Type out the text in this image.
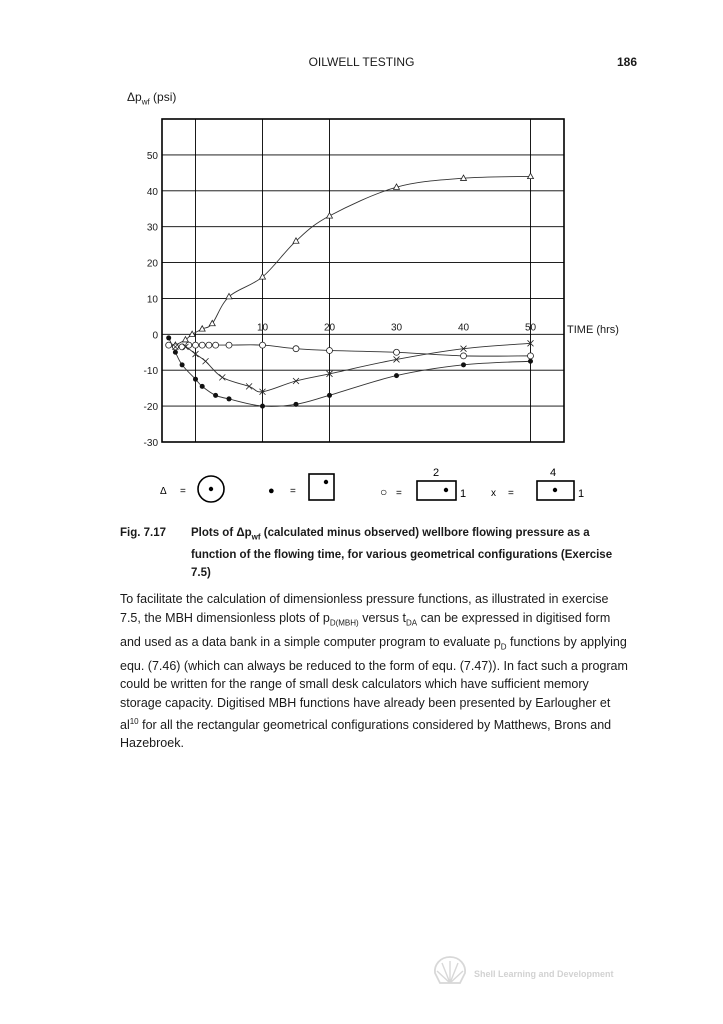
OILWELL TESTING	186
$\Delta p_{wf}$ (psi)
50
40
30
20
10
0
-10
-20
-30
10	20	30	40	50	TIME (hrs)
Δ =	● =	○ =
2
1 x =
4
1
Fig. 7.17 Plots of $\Delta p_{wf}$ (calculated minus observed) wellbore flowing pressure as a function of the flowing time, for various geometrical configurations (Exercise 7.5)
To facilitate the calculation of dimensionless pressure functions, as illustrated in exercise 7.5, the MBH dimensionless plots of $p_{D(MBH)}$ versus $t_{DA}$ can be expressed in digitised form and used as a data bank in a simple computer program to evaluate $p_D$ functions by applying equ. (7.46) (which can always be reduced to the form of equ. (7.47)). In fact such a program could be written for the range of small desk calculators which have sufficient memory storage capacity. Digitised MBH functions have already been presented by Earlougher et $al^{10}$ for all the rectangular geometrical configurations considered by Matthews, Brons and Hazebroek.
Shell Learning and Development
